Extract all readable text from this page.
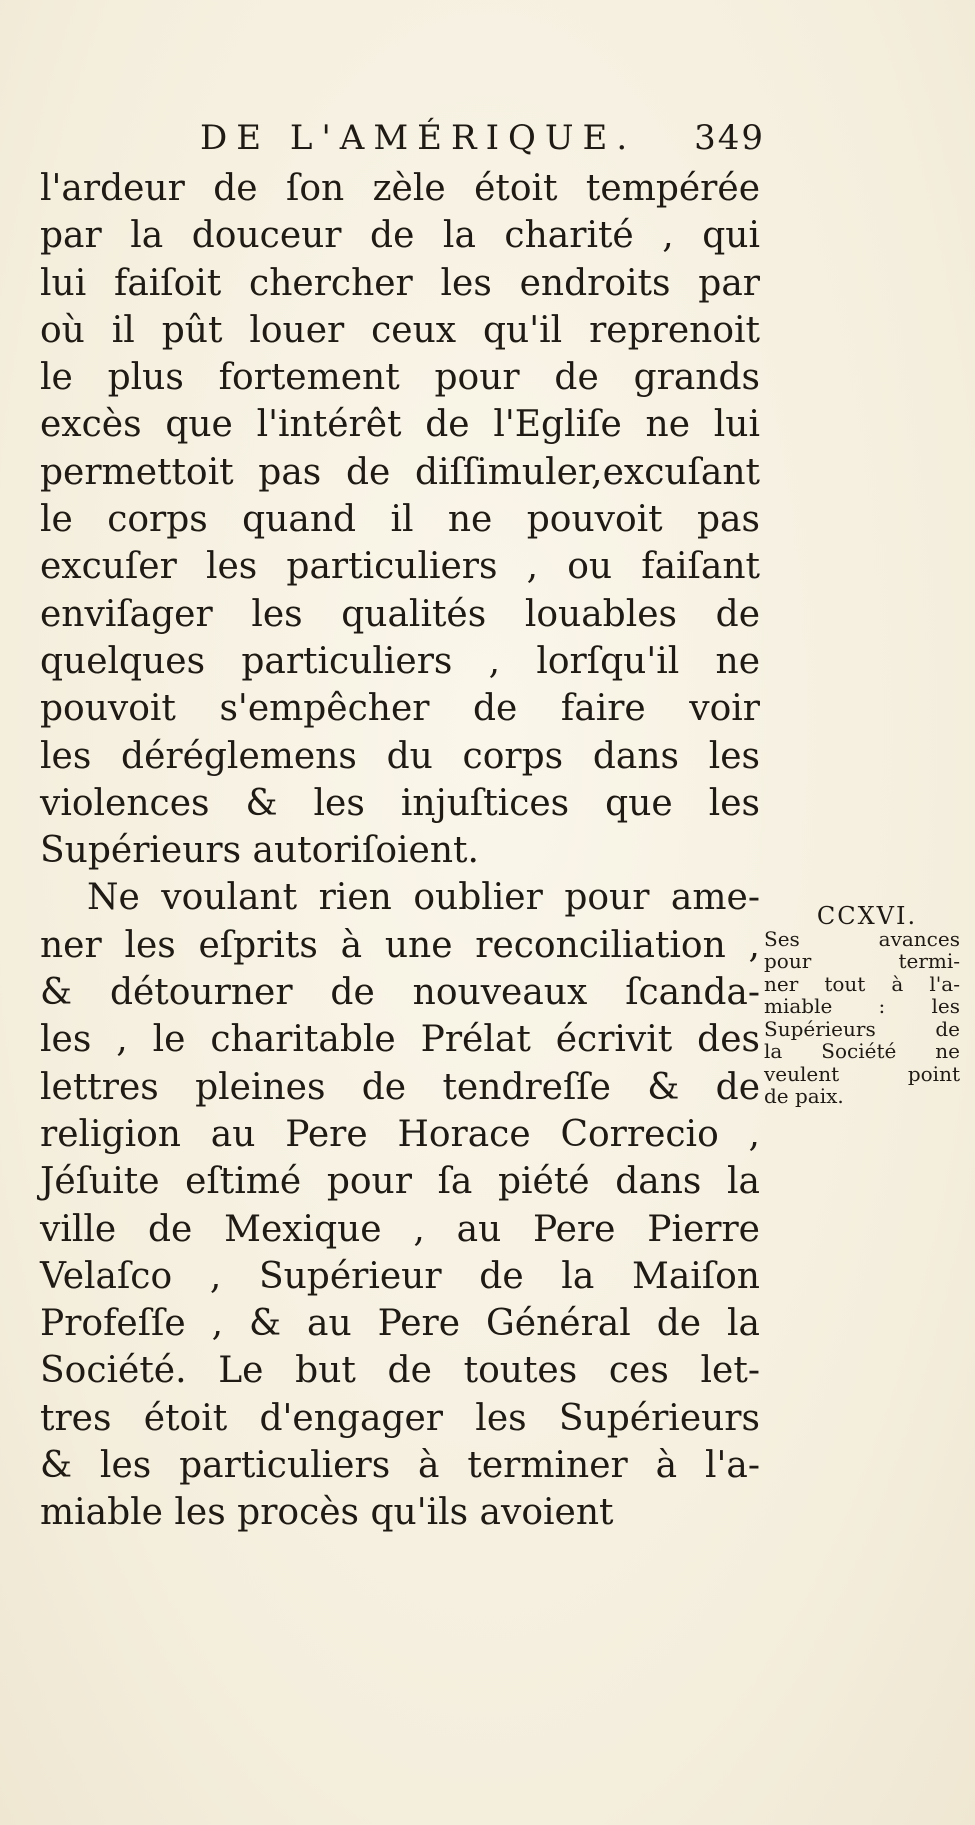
DE L'AMÉRIQUE. 349
l'ardeur de ſon zèle étoit tempérée
par la douceur de la charité , qui
lui faiſoit chercher les endroits par
où il pût louer ceux qu'il reprenoit
le plus fortement pour de grands
excès que l'intérêt de l'Egliſe ne lui
permettoit pas de diſſimuler,excuſant
le corps quand il ne pouvoit pas
excuſer les particuliers , ou faiſant
enviſager les qualités louables de
quelques particuliers , lorſqu'il ne
pouvoit s'empêcher de faire voir
les déréglemens du corps dans les
violences & les injuſtices que les
Supérieurs autoriſoient.
Ne voulant rien oublier pour ame-
ner les eſprits à une reconciliation ,
& détourner de nouveaux ſcanda-
les , le charitable Prélat écrivit des
lettres pleines de tendreſſe & de
religion au Pere Horace Correcio ,
Jéſuite eſtimé pour ſa piété dans la
ville de Mexique , au Pere Pierre
Velaſco , Supérieur de la Maiſon
Profeſſe , & au Pere Général de la
Société. Le but de toutes ces let-
tres étoit d'engager les Supérieurs
& les particuliers à terminer à l'a-
miable les procès qu'ils avoient
CCXVI.
Ses avances
pour termi-
ner tout à l'a-
miable : les
Supérieurs de
la Société ne
veulent point
de paix.
